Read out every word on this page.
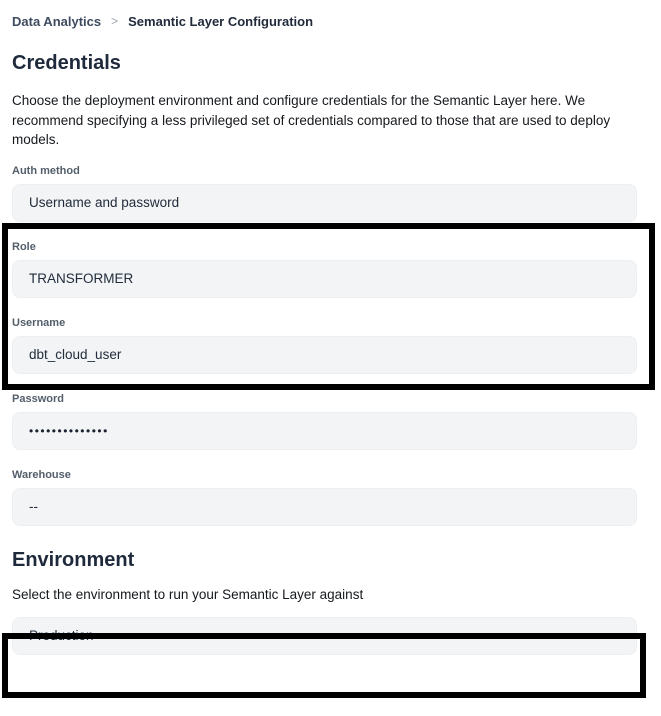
Data Analytics > Semantic Layer Configuration
Credentials

Choose the deployment environment and configure credentials for the Semantic Layer here. We recommend specifying a less privileged set of credentials compared to those that are used to deploy models.

Auth method
Username and password
Role
TRANSFORMER
Username
dbt_cloud_user
Password
••••••••••••••
Warehouse
--
Environment

Select the environment to run your Semantic Layer against

Production
